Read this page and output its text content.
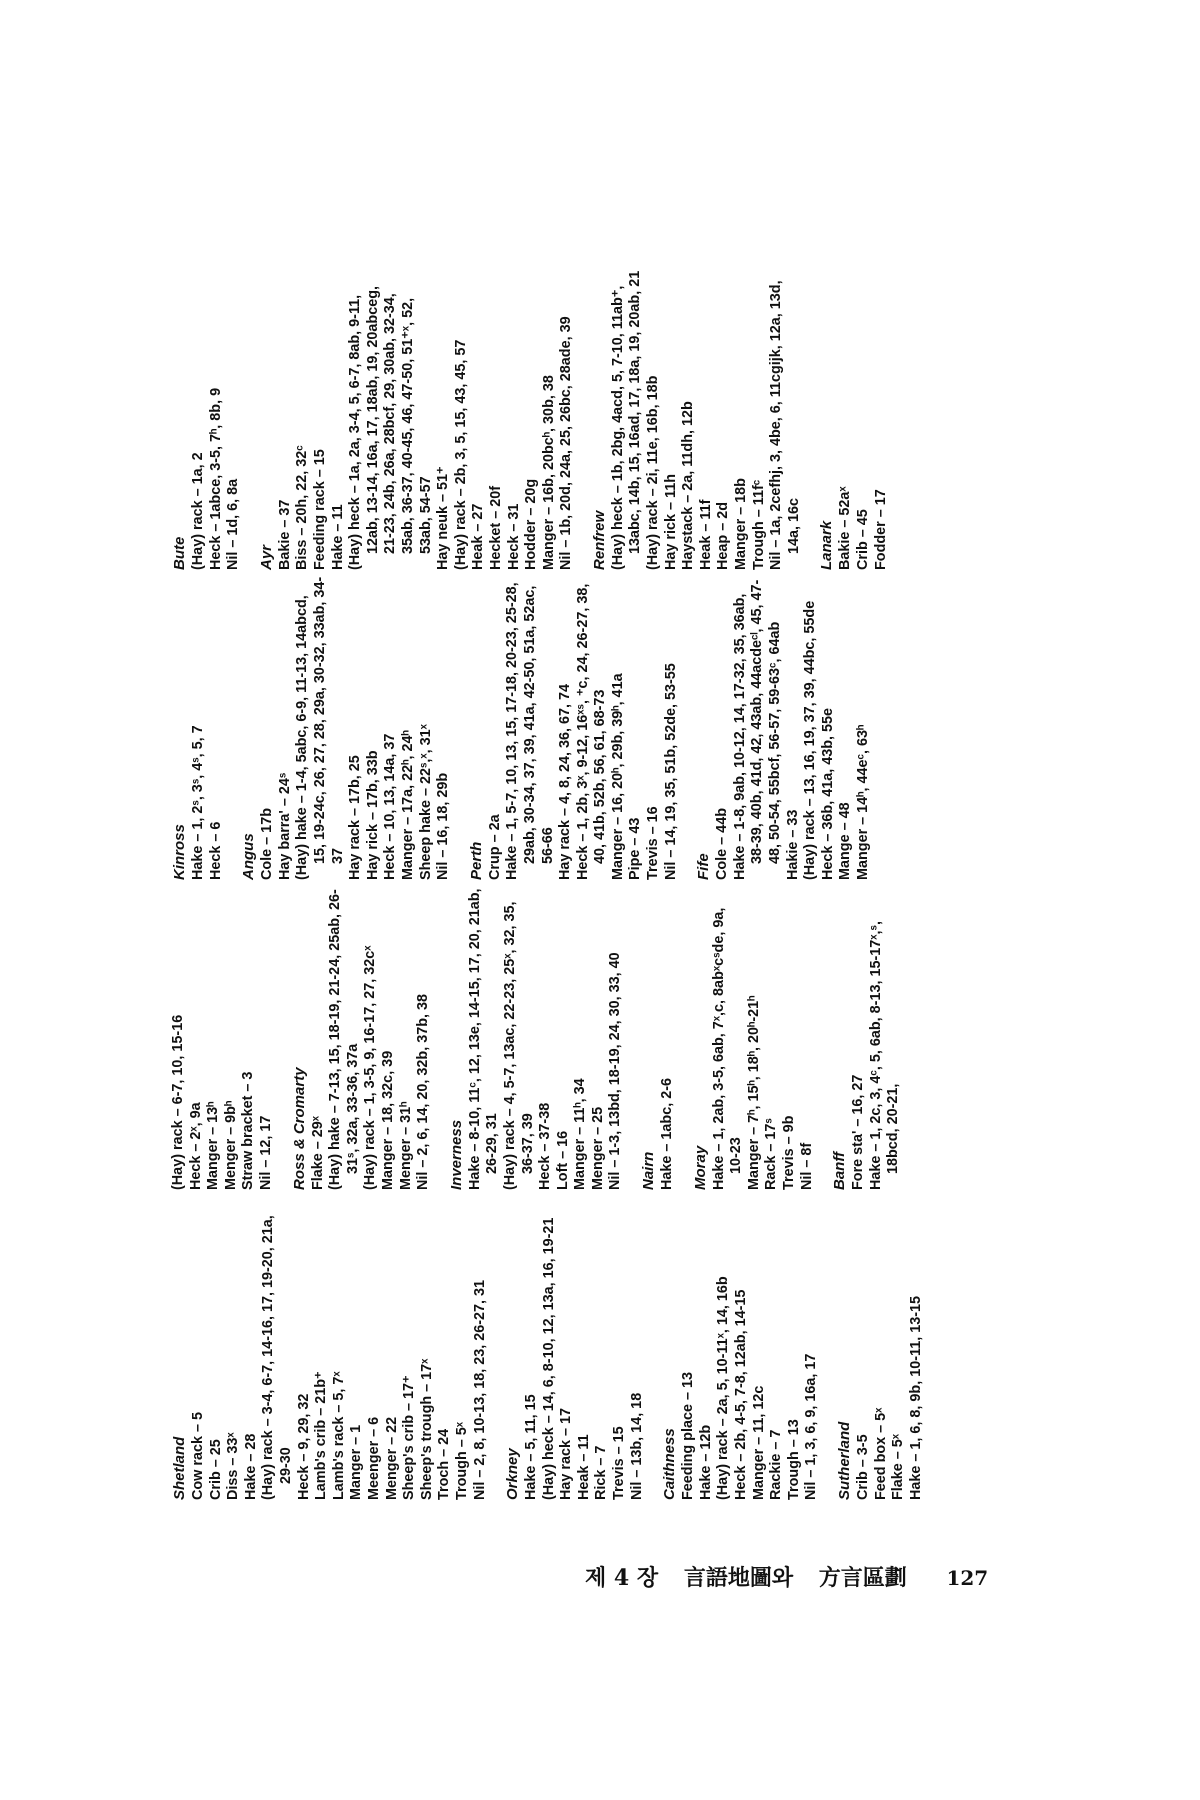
Shetland Cow rack – 5 Crib – 25 Diss – 33ˣ Hake – 28 (Hay) rack – 3-4, 6-7, 14-16, 17, 19-20, 21a, 29-30 Heck – 9, 29, 32 Lamb's crib – 21b⁺ Lamb's rack – 5, 7ˣ Manger – 1 Meenger – 6 Menger – 22 Sheep's crib – 17⁺ Sheep's trough – 17ˣ Troch – 24 Trough – 5ˣ Nil – 2, 8, 10-13, 18, 23, 26-27, 31 Orkney Hake – 5, 11, 15 (Hay) heck – 14, 6, 8-10, 12, 13a, 16, 19-21 Hay rack – 17 Heak – 11 Rick – 7 Trevis – 15 Nil – 13b, 14, 18 Caithness Feeding place – 13 Hake – 12b (Hay) rack – 2a, 5, 10-11ˣ, 14, 16b Heck – 2b, 4-5, 7-8, 12ab, 14-15 Manger – 11, 12c Rackie – 7 Trough – 13 Nil – 1, 3, 6, 9, 16a, 17 Sutherland Crib – 3-5 Feed box – 5ˣ Flake – 5ˣ Hake – 1, 6, 8, 9b, 10-11, 13-15
(Hay) rack – 6-7, 10, 15-16 Heck – 2ˣ, 9a Manger – 13ʰ Menger – 9bʰ Straw bracket – 3 Nil – 12, 17 Ross & Cromarty Flake – 29ˣ (Hay) hake – 7-13, 15, 18-19, 21-24, 25ab, 26-31ˢ, 32a, 33-36, 37a (Hay) rack – 1, 3-5, 9, 16-17, 27, 32cˣ Manger – 18, 32c, 39 Menger – 31ʰ Nil – 2, 6, 14, 20, 32b, 37b, 38 Inverness Hake – 8-10, 11ᶜ, 12, 13e, 14-15, 17, 20, 21ab, 26-29, 31 (Hay) rack – 4, 5-7, 13ac, 22-23, 25ˣ, 32, 35, 36-37, 39 Heck – 37-38 Loft – 16 Manger – 11ʰ, 34 Menger – 25 Nil – 1-3, 13bd, 18-19, 24, 30, 33, 40 Nairn Hake – 1abc, 2-6 Moray Hake – 1, 2ab, 3-5, 6ab, 7ˣ,c, 8abˣcˢde, 9a, 10-23 Manger – 7ʰ, 15ʰ, 18ʰ, 20ʰ-21ʰ Rack – 17ˢ Trevis – 9b Nil – 8f Banff Fore sta' – 16, 27 Hake – 1, 2c, 3, 4ᶜ, 5, 6ab, 8-13, 15-17ˣ,ˢ, 18bcd, 20-21,
Kinross Hake – 1, 2ˢ, 3ˢ, 4ˢ, 5, 7 Heck – 6 Angus Cole – 17b Hay barra' – 24ˢ (Hay) hake – 1-4, 5abc, 6-9, 11-13, 14abcd, 15, 19-24c, 26, 27, 28, 29a, 30-32, 33ab, 34-37 Hay rack – 17b, 25 Hay rick – 17b, 33b Heck – 10, 13, 14a, 37 Manger – 17a, 22ʰ, 24ʰ Sheep hake – 22ˢ,ˣ, 31ˣ Nil – 16, 18, 29b Perth Crup – 2a Hake – 1, 5-7, 10, 13, 15, 17-18, 20-23, 25-28, 29ab, 30-34, 37, 39, 41a, 42-50, 51a, 52ac, 56-66 Hay rack – 4, 8, 24, 36, 67, 74 Heck – 1, 2b, 3ˣ, 9-12, 16ˣˢ, ⁺c, 24, 26-27, 38, 40, 41b, 52b, 56, 61, 68-73 Manger – 16, 20ʰ, 29b, 39ʰ, 41a Pipe – 43 Trevis – 16 Nil – 14, 19, 35, 51b, 52de, 53-55 Fife Cole – 44b Hake – 1-8, 9ab, 10-12, 14, 17-32, 35, 36ab, 38-39, 40b, 41d, 42, 43ab, 44acdeᶜˡ, 45, 47-48, 50-54, 55bcf, 56-57, 59-63ᶜ, 64ab Hakie – 33 (Hay) rack – 13, 16, 19, 37, 39, 44bc, 55de Heck – 36b, 41a, 43b, 55e Mange – 48 Manger – 14ʰ, 44eᶜ, 63ʰ
Bute (Hay) rack – 1a, 2 Heck – 1abce, 3-5, 7ʰ, 8b, 9 Nil – 1d, 6, 8a Ayr Bakie – 37 Biss – 20h, 22, 32ᶜ Feeding rack – 15 Hake – 11 (Hay) heck – 1a, 2a, 3-4, 5, 6-7, 8ab, 9-11, 12ab, 13-14, 16a, 17, 18ab, 19, 20abceg, 21-23, 24b, 26a, 28bcf, 29, 30ab, 32-34, 35ab, 36-37, 40-45, 46, 47-50, 51⁺ˣ, 52, 53ab, 54-57 Hay neuk – 51⁺ (Hay) rack – 2b, 3, 5, 15, 43, 45, 57 Heak – 27 Hecket – 20f Heck – 31 Hodder – 20g Manger – 16b, 20bcʰ, 30b, 38 Nil – 1b, 20d, 24a, 25, 26bc, 28ade, 39 Renfrew (Hay) heck – 1b, 2bg, 4acd, 5, 7-10, 11ab⁺, 13abc, 14b, 15, 16ad, 17, 18a, 19, 20ab, 21 (Hay) rack – 2i, 11e, 16b, 18b Hay rick – 11h Haystack – 2a, 11dh, 12b Heak – 11f Heap – 2d Manger – 18b Trough – 11fᶜ Nil – 1a, 2cefhj, 3, 4be, 6, 11cgijk, 12a, 13d, 14a, 16c Lanark Bakie – 52aˣ Crib – 45 Fodder – 17
제 4 장 言語地圖와 方言區劃 127
